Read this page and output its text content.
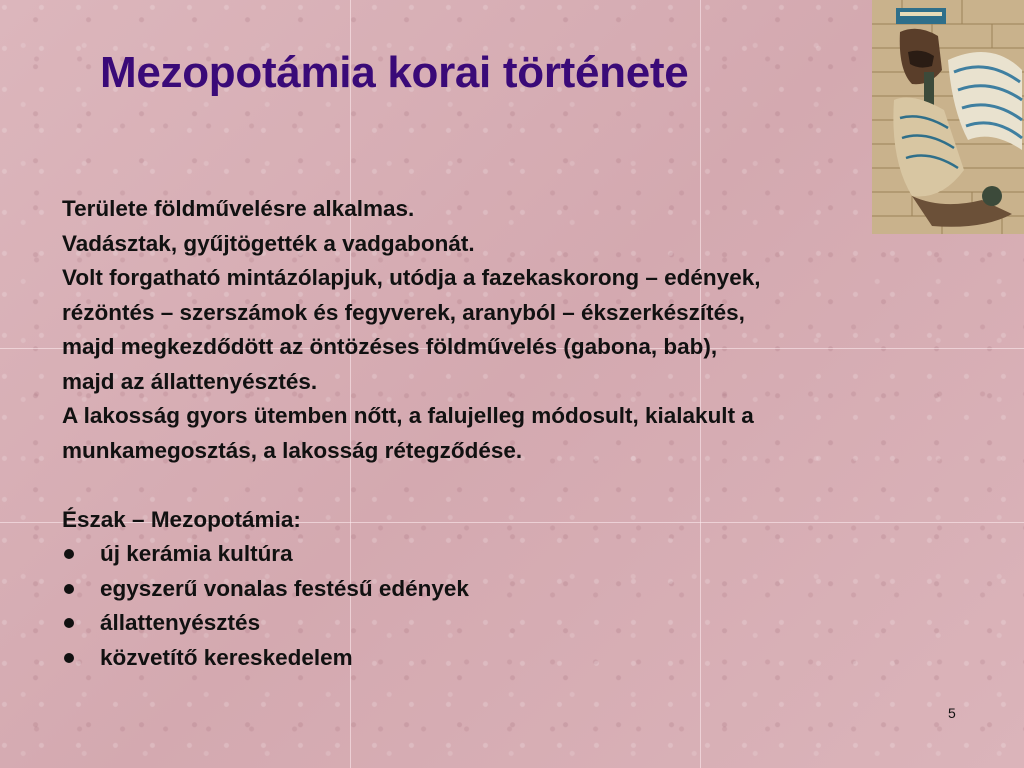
Mezopotámia korai története
Területe földművelésre alkalmas.
Vadásztak, gyűjtögették a vadgabonát.
Volt forgatható mintázólapjuk, utódja a fazekaskorong – edények,
rézöntés – szerszámok és fegyverek, aranyból – ékszerkészítés,
majd megkezdődött az öntözéses földművelés (gabona, bab),
majd az állattenyésztés.
A lakosság gyors ütemben nőtt, a falujelleg módosult, kialakult a
munkamegosztás, a lakosság rétegződése.
Észak – Mezopotámia:
új kerámia kultúra
egyszerű vonalas festésű edények
állattenyésztés
közvetítő kereskedelem
5
